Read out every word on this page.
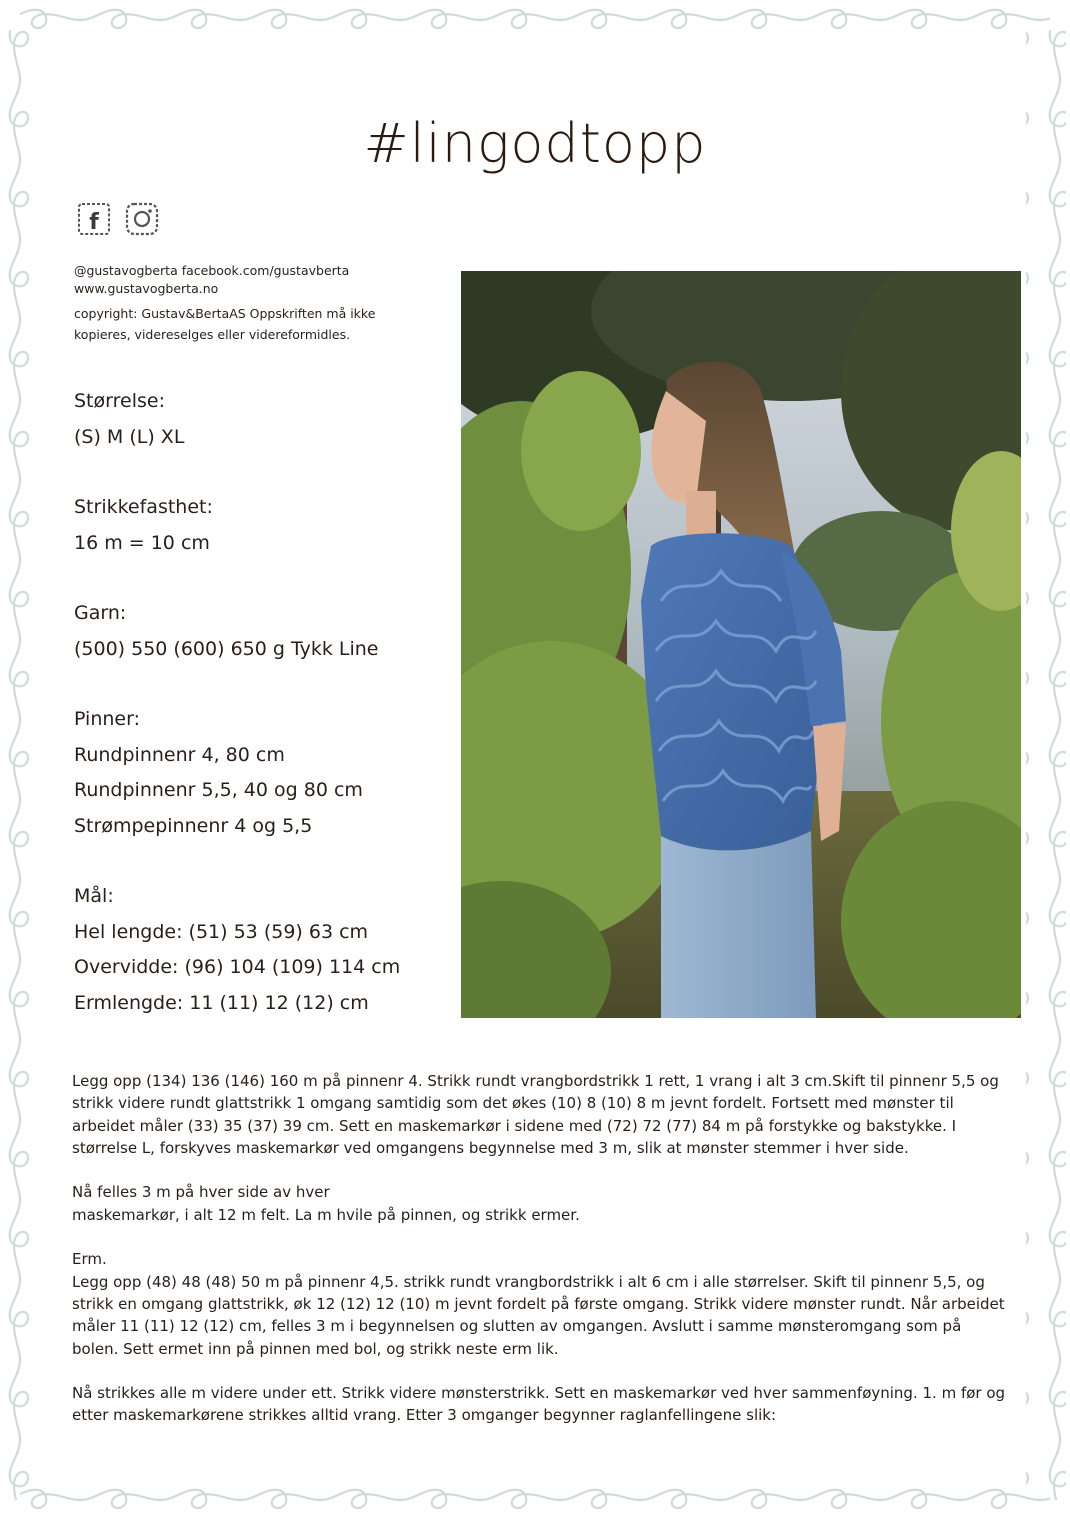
#lingodtopp
f

@gustavogberta facebook.com/gustavberta

www.gustavogberta.no

copyright: Gustav&BertaAS Oppskriften må ikke

kopieres, videreselges eller videreformidles.

Størrelse:
(S) M (L) XL
Strikkefasthet:
16 m = 10 cm
Garn:
(500) 550 (600) 650 g Tykk Line
Pinner:
Rundpinnenr 4, 80 cm
Rundpinnenr 5,5, 40 og 80 cm
Strømpepinnenr 4 og 5,5
Mål:
Hel lengde: (51) 53 (59) 63 cm
Overvidde: (96) 104 (109) 114 cm
Ermlengde: 11 (11) 12 (12) cm

Legg opp (134) 136 (146) 160 m på pinnenr 4. Strikk rundt vrangbordstrikk 1 rett, 1 vrang i alt 3 cm.Skift til pinnenr 5,5 og strikk videre rundt glattstrikk 1 omgang samtidig som det økes (10) 8 (10) 8 m jevnt fordelt. Fortsett med mønster til arbeidet måler (33) 35 (37) 39 cm. Sett en maskemarkør i sidene med (72) 72 (77) 84 m på forstykke og bakstykke. I størrelse L, forskyves maskemarkør ved omgangens begynnelse med 3 m, slik at mønster stemmer i hver side.

Nå felles 3 m på hver side av hver
maskemarkør, i alt 12 m felt. La m hvile på pinnen, og strikk ermer.

Erm.
Legg opp (48) 48 (48) 50 m på pinnenr 4,5. strikk rundt vrangbordstrikk i alt 6 cm i alle størrelser. Skift til pinnenr 5,5, og strikk en omgang glattstrikk, øk 12 (12) 12 (10) m jevnt fordelt på første omgang. Strikk videre mønster rundt. Når arbeidet måler 11 (11) 12 (12) cm, felles 3 m i begynnelsen og slutten av omgangen. Avslutt i samme mønsteromgang som på bolen. Sett ermet inn på pinnen med bol, og strikk neste erm lik.

Nå strikkes alle m videre under ett. Strikk videre mønsterstrikk. Sett en maskemarkør ved hver sammenføyning. 1. m før og etter maskemarkørene strikkes alltid vrang. Etter 3 omganger begynner raglanfellingene slik:
